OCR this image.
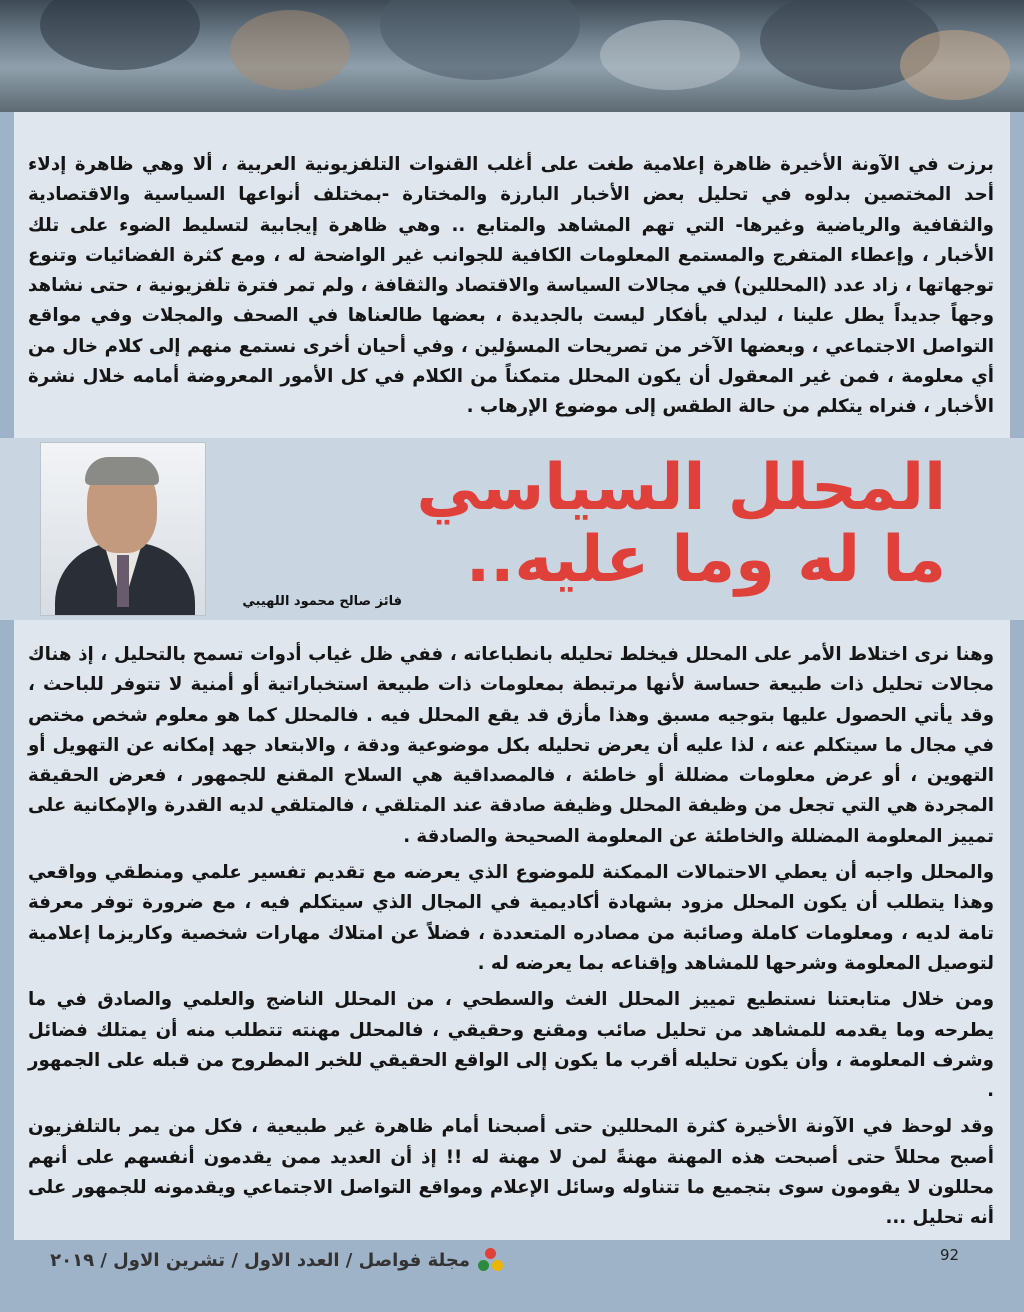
برزت في الآونة الأخيرة ظاهرة إعلامية طغت على أغلب القنوات التلفزيونية العربية ، ألا وهي ظاهرة إدلاء أحد المختصين بدلوه في تحليل بعض الأخبار البارزة والمختارة -بمختلف أنواعها السياسية والاقتصادية والثقافية والرياضية وغيرها- التي تهم المشاهد والمتابع .. وهي ظاهرة إيجابية لتسليط الضوء على تلك الأخبار ، وإعطاء المتفرج والمستمع المعلومات الكافية للجوانب غير الواضحة له ، ومع كثرة الفضائيات وتنوع توجهاتها ، زاد عدد (المحللين) في مجالات السياسة والاقتصاد والثقافة ، ولم تمر فترة تلفزيونية ، حتى نشاهد وجهاً جديداً يطل علينا ، ليدلي بأفكار ليست بالجديدة ، بعضها طالعناها في الصحف والمجلات وفي مواقع التواصل الاجتماعي ، وبعضها الآخر من تصريحات المسؤلين ، وفي أحيان أخرى نستمع منهم إلى كلام خال من أي معلومة ، فمن غير المعقول أن يكون المحلل متمكناً من الكلام في كل الأمور المعروضة أمامه خلال نشرة الأخبار ، فنراه يتكلم من حالة الطقس إلى موضوع الإرهاب .
فائز صالح محمود اللهيبي
المحلل السياسي
ما له وما عليه..

وهنا نرى اختلاط الأمر على المحلل فيخلط تحليله بانطباعاته ، ففي ظل غياب أدوات تسمح بالتحليل ، إذ هناك مجالات تحليل ذات طبيعة حساسة لأنها مرتبطة بمعلومات ذات طبيعة استخباراتية أو أمنية لا تتوفر للباحث ، وقد يأتي الحصول عليها بتوجيه مسبق وهذا مأزق قد يقع المحلل فيه . فالمحلل كما هو معلوم شخص مختص في مجال ما سيتكلم عنه ، لذا عليه أن يعرض تحليله بكل موضوعية ودقة ، والابتعاد جهد إمكانه عن التهويل أو التهوين ، أو عرض معلومات مضللة أو خاطئة ، فالمصداقية هي السلاح المقنع للجمهور ، فعرض الحقيقة المجردة هي التي تجعل من وظيفة المحلل وظيفة صادقة عند المتلقي ، فالمتلقي لديه القدرة والإمكانية على تمييز المعلومة المضللة والخاطئة عن المعلومة الصحيحة والصادقة .

والمحلل واجبه أن يعطي الاحتمالات الممكنة للموضوع الذي يعرضه مع تقديم تفسير علمي ومنطقي وواقعي وهذا يتطلب أن يكون المحلل مزود بشهادة أكاديمية في المجال الذي سيتكلم فيه ، مع ضرورة توفر معرفة تامة لديه ، ومعلومات كاملة وصائبة من مصادره المتعددة ، فضلاً عن امتلاك مهارات شخصية وكاريزما إعلامية لتوصيل المعلومة وشرحها للمشاهد وإقناعه بما يعرضه له .

ومن خلال متابعتنا نستطيع تمييز المحلل الغث والسطحي ، من المحلل الناضج والعلمي والصادق في ما يطرحه وما يقدمه للمشاهد من تحليل صائب ومقنع وحقيقي ، فالمحلل مهنته تتطلب منه أن يمتلك فضائل وشرف المعلومة ، وأن يكون تحليله أقرب ما يكون إلى الواقع الحقيقي للخبر المطروح من قبله على الجمهور .

وقد لوحظ في الآونة الأخيرة كثرة المحللين حتى أصبحنا أمام ظاهرة غير طبيعية ، فكل من يمر بالتلفزيون أصبح محللاً حتى أصبحت هذه المهنة مهنةً لمن لا مهنة له !! إذ أن العديد ممن يقدمون أنفسهم على أنهم محللون لا يقومون سوى بتجميع ما تتناوله وسائل الإعلام ومواقع التواصل الاجتماعي ويقدمونه للجمهور على أنه تحليل ...

92
مجلة فواصل / العدد الاول / تشرين الاول / ٢٠١٩
